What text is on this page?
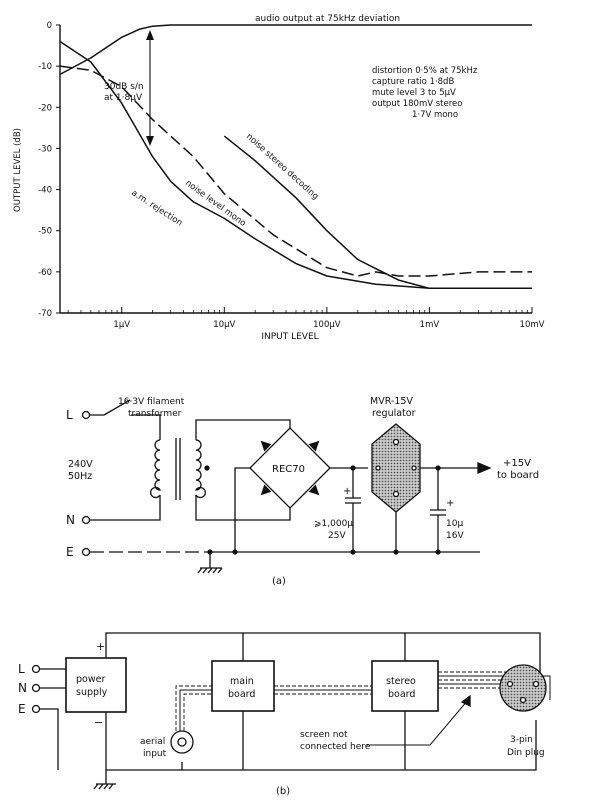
0
-10
-20
-30
-40
-50
-60
-70
1µV	10µV	100µV	1mV	10mV
OUTPUT LEVEL (dB)
INPUT LEVEL
30dB s/n
at 1·8µV
audio output at 75kHz deviation
distortion 0·5% at 75kHz
capture ratio 1·8dB
mute level 3 to 5µV
output 180mV stereo
1·7V mono
noise stereo decoding
noise level mono
a.m. rejection
16·3V filament
transformer
L
N
E
240V
50Hz
REC70
+
⩾1,000µ
25V
MVR-15V
regulator
+15V
to board
+
10µ
16V
(a)
L
N
E
power
supply
+
−
main
board
stereo
board
aerial
input
3-pin
Din plug
screen not
connected here
(b)
